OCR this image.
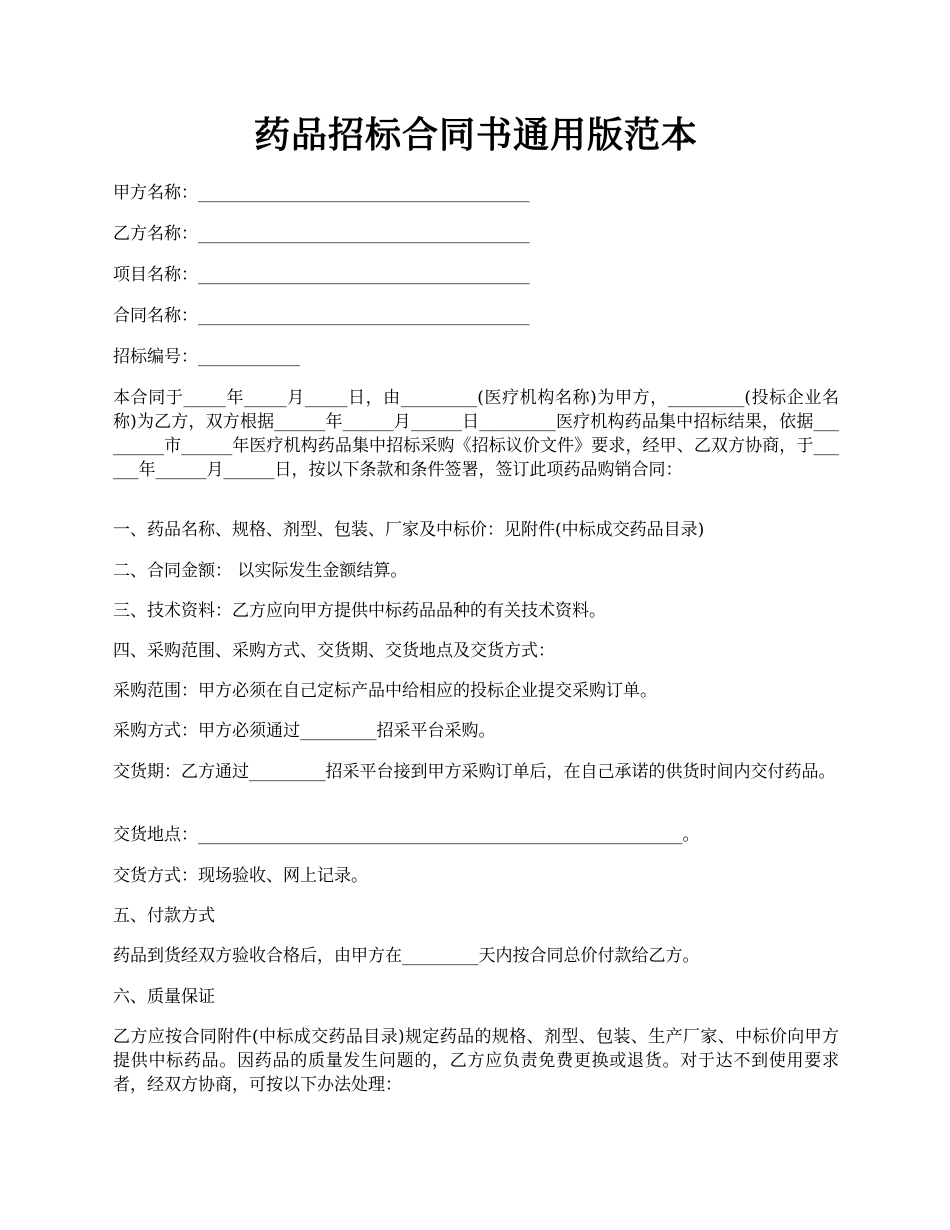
药品招标合同书通用版范本

甲方名称：_______________________________________

乙方名称：_______________________________________

项目名称：_______________________________________

合同名称：_______________________________________

招标编号：____________

本合同于_____年_____月_____日，由_________(医疗机构名称)为甲方，_________(投标企业名称)为乙方，双方根据______年______月______日_________医疗机构药品集中招标结果，依据_________市______年医疗机构药品集中招标采购《招标议价文件》要求，经甲、乙双方协商，于______年______月______日，按以下条款和条件签署，签订此项药品购销合同：

一、药品名称、规格、剂型、包装、厂家及中标价：见附件(中标成交药品目录)

二、合同金额： 以实际发生金额结算。

三、技术资料：乙方应向甲方提供中标药品品种的有关技术资料。

四、采购范围、采购方式、交货期、交货地点及交货方式：

采购范围：甲方必须在自己定标产品中给相应的投标企业提交采购订单。

采购方式：甲方必须通过_________招采平台采购。

交货期：乙方通过_________招采平台接到甲方采购订单后，在自己承诺的供货时间内交付药品。

交货地点：_________________________________________________________。

交货方式：现场验收、网上记录。

五、付款方式

药品到货经双方验收合格后，由甲方在_________天内按合同总价付款给乙方。

六、质量保证

乙方应按合同附件(中标成交药品目录)规定药品的规格、剂型、包装、生产厂家、中标价向甲方提供中标药品。因药品的质量发生问题的，乙方应负责免费更换或退货。对于达不到使用要求者，经双方协商，可按以下办法处理：
